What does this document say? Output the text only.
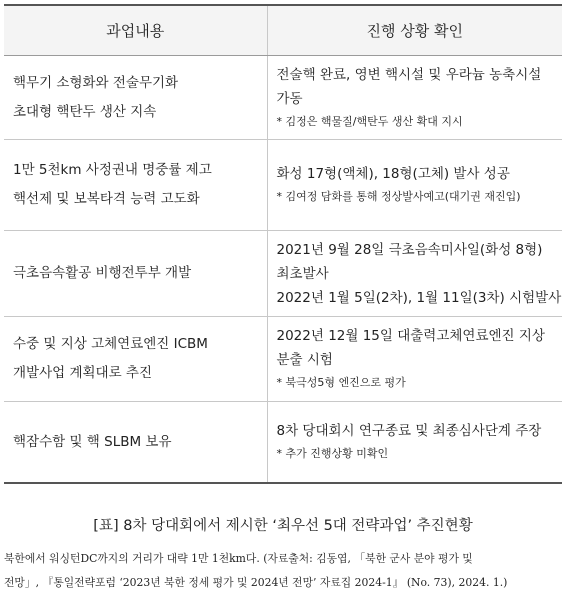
과업내용	진행 상황 확인

핵무기 소형화와 전술무기화
초대형 핵탄두 생산 지속	전술핵 완료, 영변 핵시설 및 우라늄 농축시설
가동
* 김정은 핵물질/핵탄두 생산 확대 지시

1만 5천km 사정권내 명중률 제고
핵선제 및 보복타격 능력 고도화	화성 17형(액체), 18형(고체) 발사 성공
* 김여정 담화를 통해 정상발사예고(대기권 재진입)

극초음속활공 비행전투부 개발	2021년 9월 28일 극초음속미사일(화성 8형)
최초발사
2022년 1월 5일(2차), 1월 11일(3차) 시험발사

수중 및 지상 고체연료엔진 ICBM
개발사업 계획대로 추진	2022년 12월 15일 대출력고체연료엔진 지상
분출 시험
* 북극성5형 엔진으로 평가

핵잠수함 및 핵 SLBM 보유	8차 당대회시 연구종료 및 최종심사단계 주장
* 추가 진행상황 미확인
[표] 8차 당대회에서 제시한 ‘최우선 5대 전략과업’ 추진현황
북한에서 워싱턴DC까지의 거리가 대략 1만 1천km다. (자료출처: 김동엽, 「북한 군사 분야 평가 및
전망」, 『통일전략포럼 ‘2023년 북한 정세 평가 및 2024년 전망’ 자료집 2024-1』 (No. 73), 2024. 1.)
